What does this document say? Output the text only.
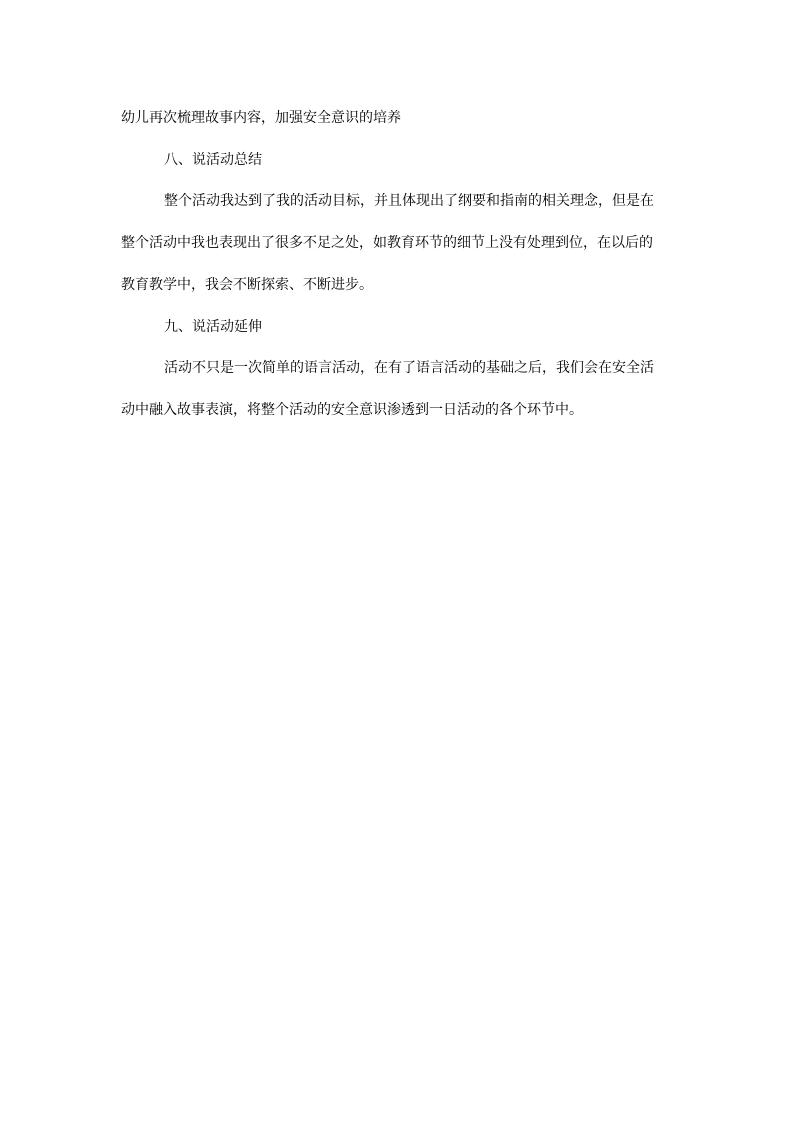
幼儿再次梳理故事内容，加强安全意识的培养
八、说活动总结
整个活动我达到了我的活动目标，并且体现出了纲要和指南的相关理念，但是在
整个活动中我也表现出了很多不足之处，如教育环节的细节上没有处理到位，在以后的
教育教学中，我会不断探索、不断进步。
九、说活动延伸
活动不只是一次简单的语言活动，在有了语言活动的基础之后，我们会在安全活
动中融入故事表演，将整个活动的安全意识渗透到一日活动的各个环节中。
